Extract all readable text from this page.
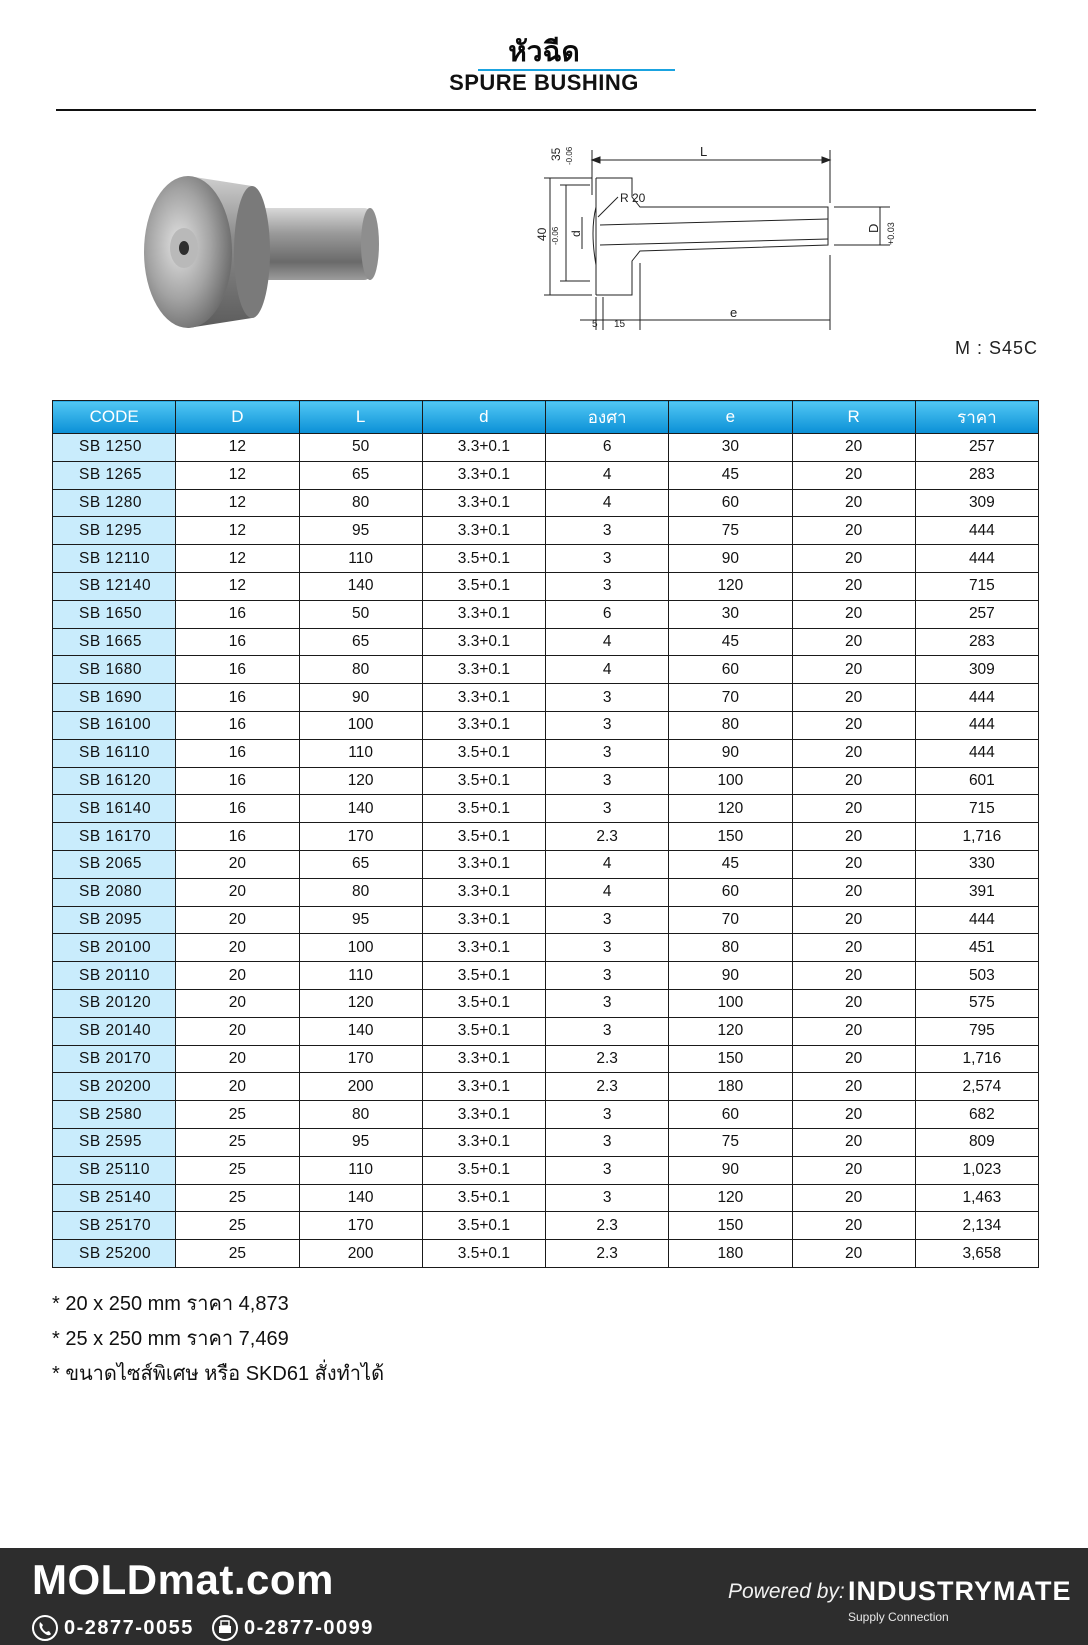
หัวฉีด
SPURE BUSHING
L
R 20
40 -0.06
35 -0.06
d
D +0.03
5 15
e
M : S45C
CODE	D	L	d	องศา	e	R	ราคา
SB 1250	12	50	3.3+0.1	6	30	20	257
SB 1265	12	65	3.3+0.1	4	45	20	283
SB 1280	12	80	3.3+0.1	4	60	20	309
SB 1295	12	95	3.3+0.1	3	75	20	444
SB 12110	12	110	3.5+0.1	3	90	20	444
SB 12140	12	140	3.5+0.1	3	120	20	715
SB 1650	16	50	3.3+0.1	6	30	20	257
SB 1665	16	65	3.3+0.1	4	45	20	283
SB 1680	16	80	3.3+0.1	4	60	20	309
SB 1690	16	90	3.3+0.1	3	70	20	444
SB 16100	16	100	3.3+0.1	3	80	20	444
SB 16110	16	110	3.5+0.1	3	90	20	444
SB 16120	16	120	3.5+0.1	3	100	20	601
SB 16140	16	140	3.5+0.1	3	120	20	715
SB 16170	16	170	3.5+0.1	2.3	150	20	1,716
SB 2065	20	65	3.3+0.1	4	45	20	330
SB 2080	20	80	3.3+0.1	4	60	20	391
SB 2095	20	95	3.3+0.1	3	70	20	444
SB 20100	20	100	3.3+0.1	3	80	20	451
SB 20110	20	110	3.5+0.1	3	90	20	503
SB 20120	20	120	3.5+0.1	3	100	20	575
SB 20140	20	140	3.5+0.1	3	120	20	795
SB 20170	20	170	3.3+0.1	2.3	150	20	1,716
SB 20200	20	200	3.3+0.1	2.3	180	20	2,574
SB 2580	25	80	3.3+0.1	3	60	20	682
SB 2595	25	95	3.3+0.1	3	75	20	809
SB 25110	25	110	3.5+0.1	3	90	20	1,023
SB 25140	25	140	3.5+0.1	3	120	20	1,463
SB 25170	25	170	3.5+0.1	2.3	150	20	2,134
SB 25200	25	200	3.5+0.1	2.3	180	20	3,658
* 20 x 250 mm ราคา 4,873
* 25 x 250 mm ราคา 7,469
* ขนาดไซส์พิเศษ หรือ SKD61 สั่งทำได้
MOLDmat.com
0-2877-0055	0-2877-0099
Powered by: INDUSTRYMATE
Supply Connection
